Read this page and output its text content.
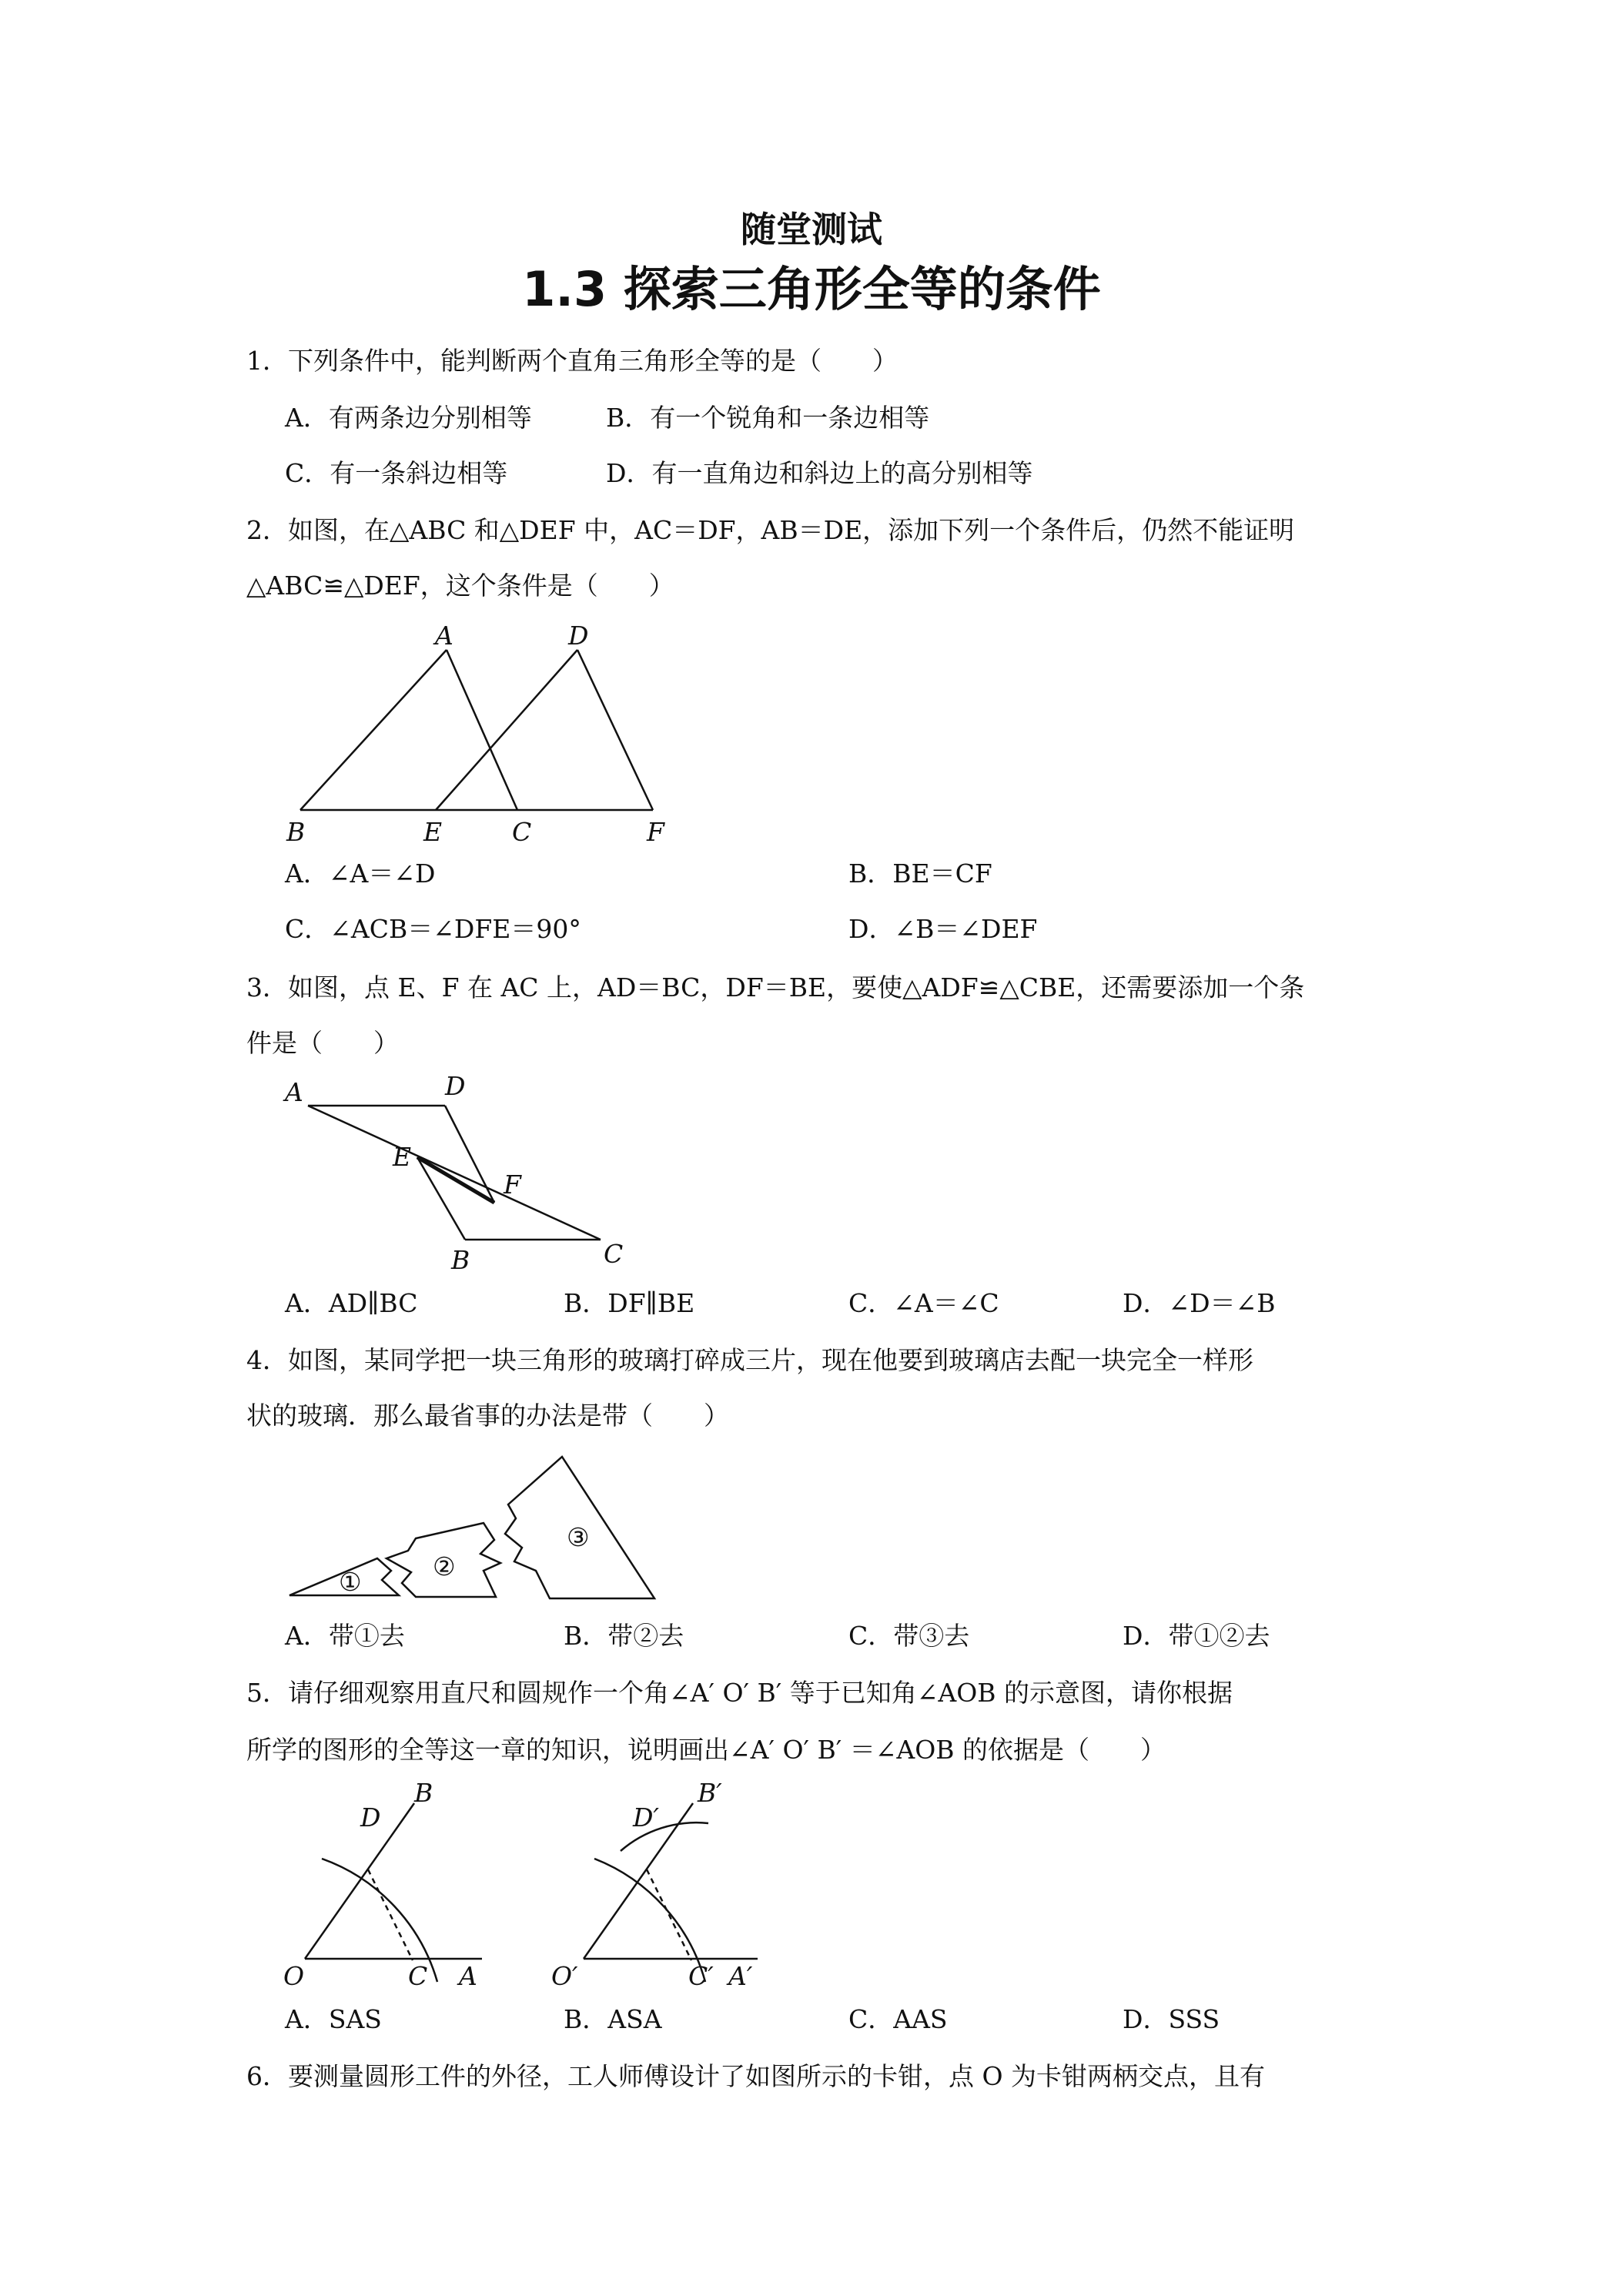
随堂测试
1.3 探索三角形全等的条件
1．下列条件中，能判断两个直角三角形全等的是（　　）
A．有两条边分别相等	B．有一个锐角和一条边相等
C．有一条斜边相等	D．有一直角边和斜边上的高分别相等
2．如图，在△ABC 和△DEF 中，AC＝DF，AB＝DE，添加下列一个条件后，仍然不能证明
△ABC≌△DEF，这个条件是（　　）
A	D
B	E	C	F
A．∠A＝∠D	B．BE＝CF
C．∠ACB＝∠DFE＝90°	D．∠B＝∠DEF
3．如图，点 E、F 在 AC 上，AD＝BC，DF＝BE，要使△ADF≌△CBE，还需要添加一个条
件是（　　）
A	D
E
F
B	C
A．AD∥BC	B．DF∥BE	C．∠A＝∠C	D．∠D＝∠B
4．如图，某同学把一块三角形的玻璃打碎成三片，现在他要到玻璃店去配一块完全一样形
状的玻璃．那么最省事的办法是带（　　）
①
②
③
A．带①去	B．带②去	C．带③去	D．带①②去
5．请仔细观察用直尺和圆规作一个角∠A′ O′ B′ 等于已知角∠AOB 的示意图，请你根据
所学的图形的全等这一章的知识，说明画出∠A′ O′ B′ ＝∠AOB 的依据是（　　）
D
B
O	C A
D′
B′
O′	C′ A′
A．SAS	B．ASA	C．AAS	D．SSS
6．要测量圆形工件的外径，工人师傅设计了如图所示的卡钳，点 O 为卡钳两柄交点，且有
